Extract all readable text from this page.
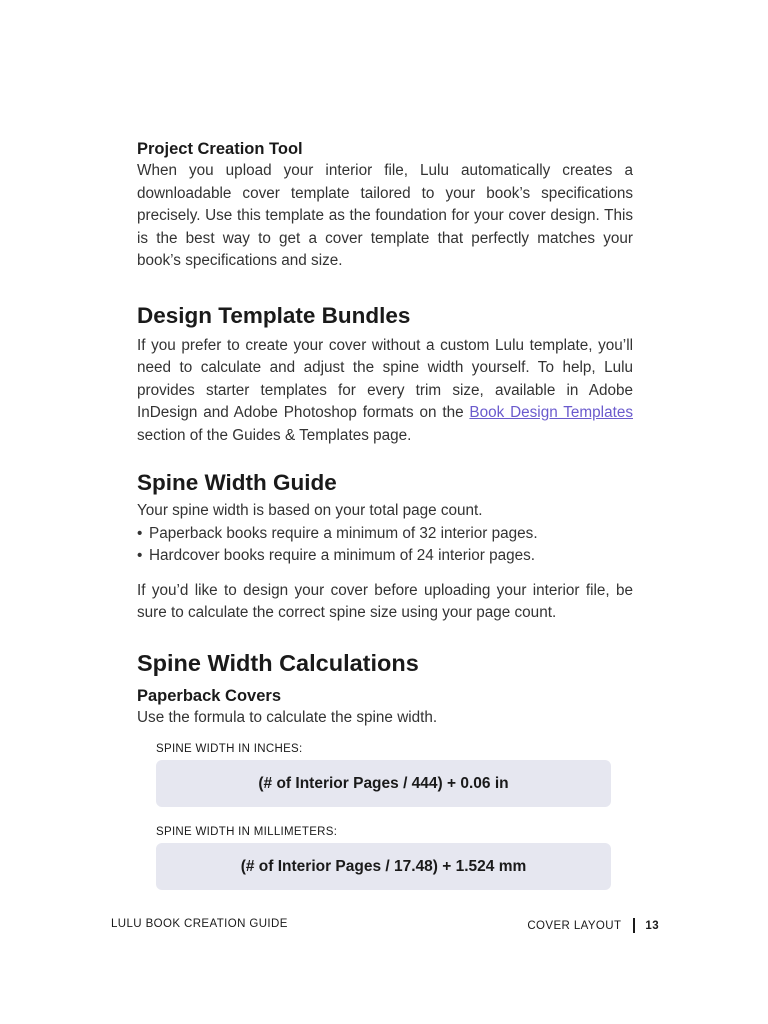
Project Creation Tool

When you upload your interior file, Lulu automatically creates a downloadable cover template tailored to your book’s specifications precisely. Use this template as the foundation for your cover design. This is the best way to get a cover template that perfectly matches your book’s specifications and size.

Design Template Bundles

If you prefer to create your cover without a custom Lulu template, you’ll need to calculate and adjust the spine width yourself. To help, Lulu provides starter templates for every trim size, available in Adobe InDesign and Adobe Photoshop formats on the Book Design Templates section of the Guides & Templates page.

Spine Width Guide

Your spine width is based on your total page count.

• Paperback books require a minimum of 32 interior pages.
• Hardcover books require a minimum of 24 interior pages.

If you’d like to design your cover before uploading your interior file, be sure to calculate the correct spine size using your page count.

Spine Width Calculations

Paperback Covers

Use the formula to calculate the spine width.

SPINE WIDTH IN INCHES:

(# of Interior Pages / 444) + 0.06 in

SPINE WIDTH IN MILLIMETERS:

(# of Interior Pages / 17.48) + 1.524 mm
LULU BOOK CREATION GUIDE	COVER LAYOUT 13
